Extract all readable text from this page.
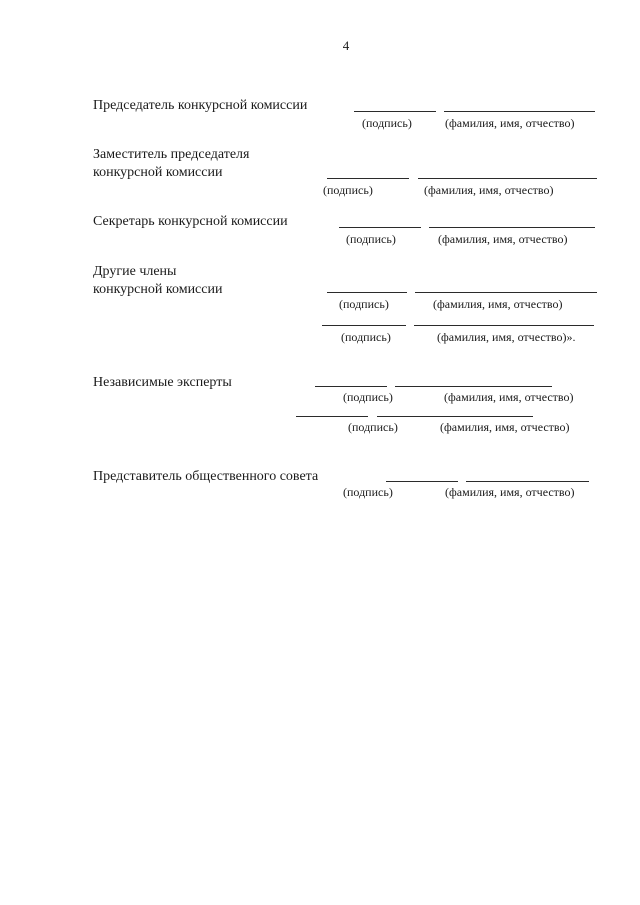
4
Председатель конкурсной комиссии
(подпись)	(фамилия, имя, отчество)
Заместитель председателя
конкурсной комиссии
(подпись)	(фамилия, имя, отчество)
Секретарь конкурсной комиссии
(подпись)	(фамилия, имя, отчество)
Другие члены
конкурсной комиссии
(подпись)	(фамилия, имя, отчество)
(подпись)	(фамилия, имя, отчество)».
Независимые эксперты
(подпись)	(фамилия, имя, отчество)
(подпись)	(фамилия, имя, отчество)
Представитель общественного совета
(подпись)	(фамилия, имя, отчество)
